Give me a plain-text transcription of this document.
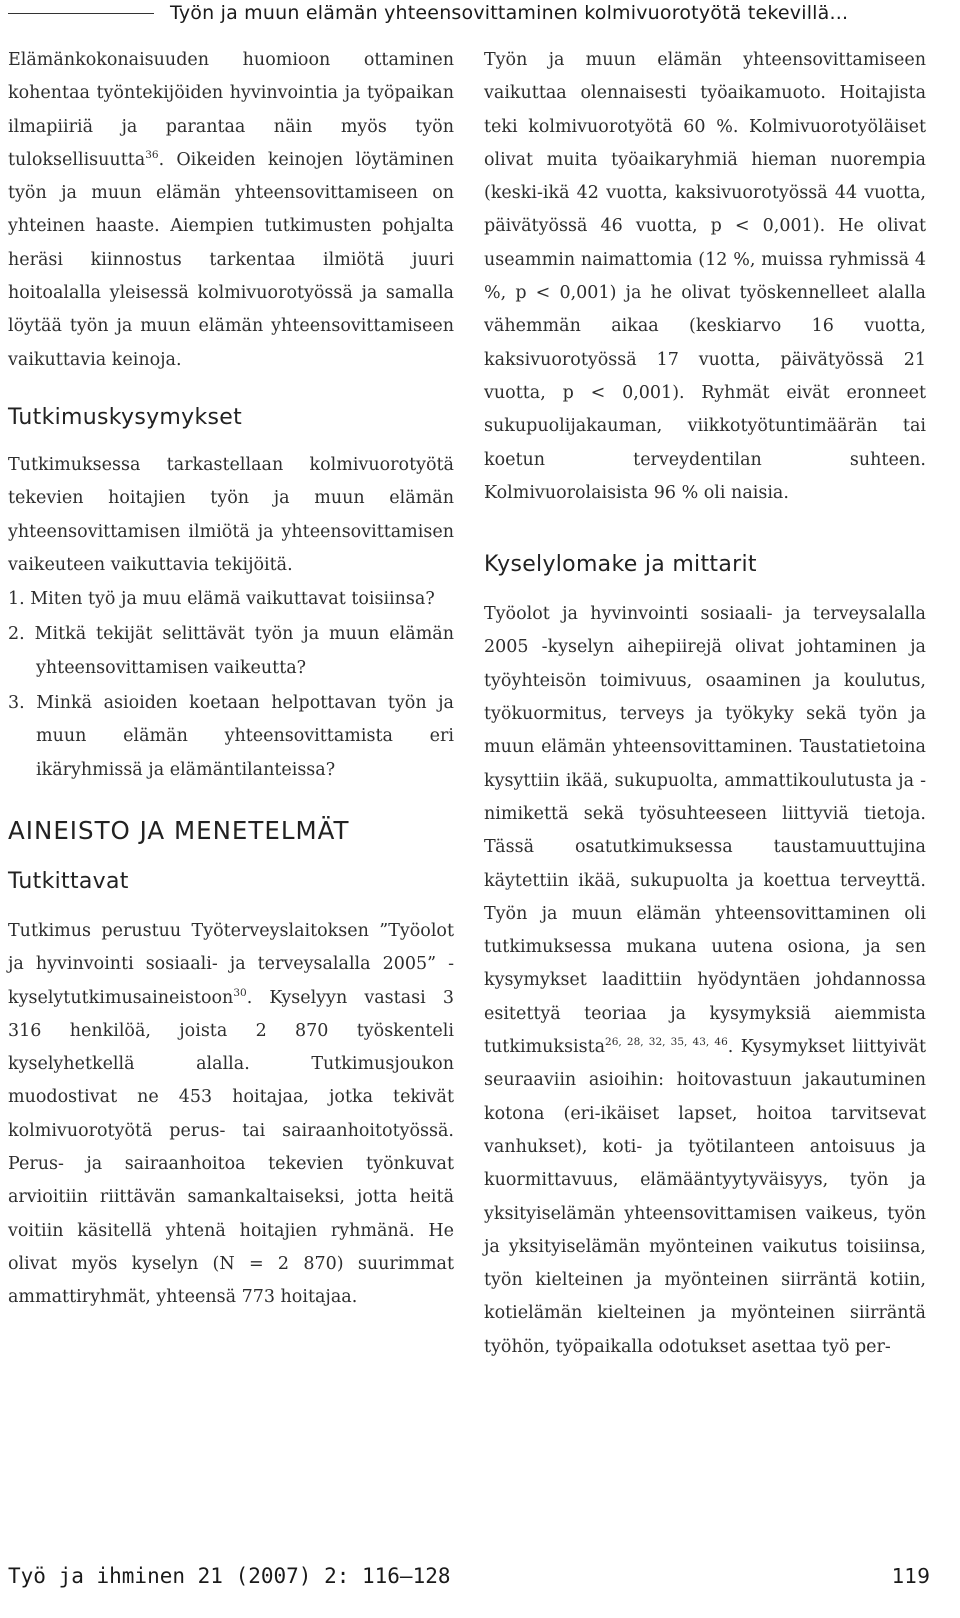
Työn ja muun elämän yhteensovittaminen kolmivuorotyötä tekevillä...

Elämänkokonaisuuden huomioon ottaminen kohentaa työntekijöiden hyvinvointia ja työpaikan ilmapiiriä ja parantaa näin myös työn tuloksellisuutta$^{36}$. Oikeiden keinojen löytäminen työn ja muun elämän yhteensovittamiseen on yhteinen haaste. Aiempien tutkimusten pohjalta heräsi kiinnostus tarkentaa ilmiötä juuri hoitoalalla yleisessä kolmivuorotyössä ja samalla löytää työn ja muun elämän yhteensovittamiseen vaikuttavia keinoja.

Tutkimuskysymykset

Tutkimuksessa tarkastellaan kolmivuorotyötä tekevien hoitajien työn ja muun elämän yhteensovittamisen ilmiötä ja yhteensovittamisen vaikeuteen vaikuttavia tekijöitä.

1. Miten työ ja muu elämä vaikuttavat toisiinsa?
2. Mitkä tekijät selittävät työn ja muun elämän yhteensovittamisen vaikeutta?
3. Minkä asioiden koetaan helpottavan työn ja muun elämän yhteensovittamista eri ikäryhmissä ja elämäntilanteissa?
AINEISTO JA MENETELMÄT
Tutkittavat

Tutkimus perustuu Työterveyslaitoksen ”Työolot ja hyvinvointi sosiaali- ja terveysalalla 2005” -kyselytutkimusaineistoon$^{30}$. Kyselyyn vastasi 3 316 henkilöä, joista 2 870 työskenteli kyselyhetkellä alalla. Tutkimusjoukon muodostivat ne 453 hoitajaa, jotka tekivät kolmivuorotyötä perus- tai sairaanhoitotyössä. Perus- ja sairaanhoitoa tekevien työnkuvat arvioitiin riittävän samankaltaiseksi, jotta heitä voitiin käsitellä yhtenä hoitajien ryhmänä. He olivat myös kyselyn (N = 2 870) suurimmat ammattiryhmät, yhteensä 773 hoitajaa.

Työn ja muun elämän yhteensovittamiseen vaikuttaa olennaisesti työaikamuoto. Hoitajista teki kolmivuorotyötä 60 %. Kolmivuorotyöläiset olivat muita työaikaryhmiä hieman nuorempia (keski-ikä 42 vuotta, kaksivuorotyössä 44 vuotta, päivätyössä 46 vuotta, p < 0,001). He olivat useammin naimattomia (12 %, muissa ryhmissä 4 %, p < 0,001) ja he olivat työskennelleet alalla vähemmän aikaa (keskiarvo 16 vuotta, kaksivuorotyössä 17 vuotta, päivätyössä 21 vuotta, p < 0,001). Ryhmät eivät eronneet sukupuolijakauman, viikkotyötuntimäärän tai koetun terveydentilan suhteen. Kolmivuorolaisista 96 % oli naisia.

Kyselylomake ja mittarit

Työolot ja hyvinvointi sosiaali- ja terveysalalla 2005 -kyselyn aihepiirejä olivat johtaminen ja työyhteisön toimivuus, osaaminen ja koulutus, työkuormitus, terveys ja työkyky sekä työn ja muun elämän yhteensovittaminen. Taustatietoina kysyttiin ikää, sukupuolta, ammattikoulutusta ja -nimikettä sekä työsuhteeseen liittyviä tietoja. Tässä osatutkimuksessa taustamuuttujina käytettiin ikää, sukupuolta ja koettua terveyttä. Työn ja muun elämän yhteensovittaminen oli tutkimuksessa mukana uutena osiona, ja sen kysymykset laadittiin hyödyntäen johdannossa esitettyä teoriaa ja kysymyksiä aiemmista tutkimuksista$^{26, 28, 32, 35, 43, 46}$. Kysymykset liittyivät seuraaviin asioihin: hoitovastuun jakautuminen kotona (eri-ikäiset lapset, hoitoa tarvitsevat vanhukset), koti- ja työtilanteen antoisuus ja kuormittavuus, elämääntyytyväisyys, työn ja yksityiselämän yhteensovittamisen vaikeus, työn ja yksityiselämän myönteinen vaikutus toisiinsa, työn kielteinen ja myönteinen siirräntä kotiin, kotielämän kielteinen ja myönteinen siirräntä työhön, työpaikalla odotukset asettaa työ per-

Työ ja ihminen 21 (2007) 2: 116—128	119
